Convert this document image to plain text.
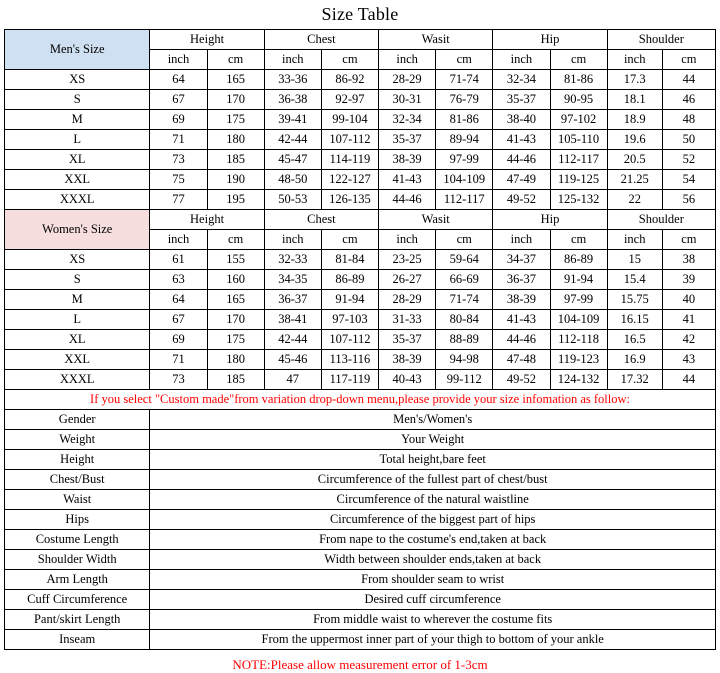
Size Table
Men's Size	Height		Chest		Wasit		Hip		Shoulder	
	inch	cm	inch	cm	inch	cm	inch	cm	inch	cm
XS	64	165	33-36	86-92	28-29	71-74	32-34	81-86	17.3	44
S	67	170	36-38	92-97	30-31	76-79	35-37	90-95	18.1	46
M	69	175	39-41	99-104	32-34	81-86	38-40	97-102	18.9	48
L	71	180	42-44	107-112	35-37	89-94	41-43	105-110	19.6	50
XL	73	185	45-47	114-119	38-39	97-99	44-46	112-117	20.5	52
XXL	75	190	48-50	122-127	41-43	104-109	47-49	119-125	21.25	54
XXXL	77	195	50-53	126-135	44-46	112-117	49-52	125-132	22	56
Women's Size	Height		Chest		Wasit		Hip		Shoulder	
	inch	cm	inch	cm	inch	cm	inch	cm	inch	cm
XS	61	155	32-33	81-84	23-25	59-64	34-37	86-89	15	38
S	63	160	34-35	86-89	26-27	66-69	36-37	91-94	15.4	39
M	64	165	36-37	91-94	28-29	71-74	38-39	97-99	15.75	40
L	67	170	38-41	97-103	31-33	80-84	41-43	104-109	16.15	41
XL	69	175	42-44	107-112	35-37	88-89	44-46	112-118	16.5	42
XXL	71	180	45-46	113-116	38-39	94-98	47-48	119-123	16.9	43
XXXL	73	185	47	117-119	40-43	99-112	49-52	124-132	17.32	44
If you select "Custom made"from variation drop-down menu,please provide your size infomation as follow:										
Gender	Men's/Women's									
Weight	Your Weight									
Height	Total height,bare feet									
Chest/Bust	Circumference of the fullest part of chest/bust									
Waist	Circumference of the natural waistline									
Hips	Circumference of the biggest part of hips									
Costume Length	From nape to the costume's end,taken at back									
Shoulder Width	Width between shoulder ends,taken at back									
Arm Length	From shoulder seam to wrist									
Cuff Circumference	Desired cuff circumference									
Pant/skirt Length	From middle waist to wherever the costume fits									
Inseam	From the uppermost inner part of your thigh to bottom of your ankle									
NOTE:Please allow measurement error of 1-3cm
